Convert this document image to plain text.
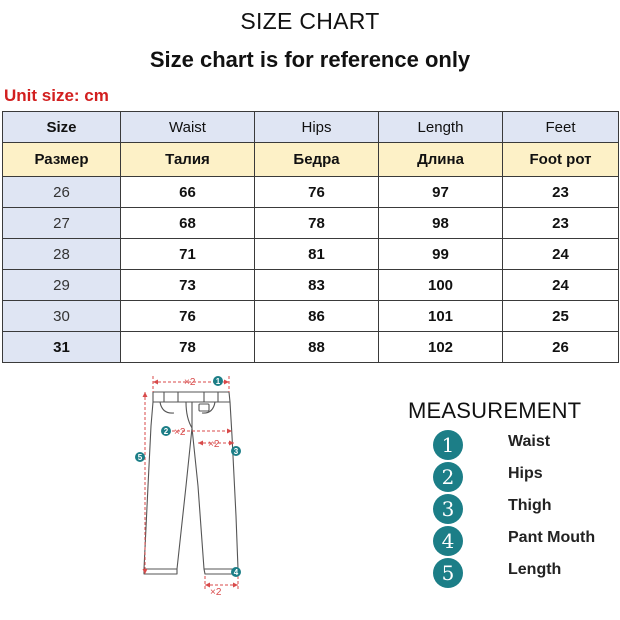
SIZE CHART
Size chart is for reference only
Unit size: cm
Size	Waist	Hips	Length	Feet
Размер	Талия	Бедра	Длина	Foot рот
26	66	76	97	23
27	68	78	98	23
28	71	81	99	24
29	73	83	100	24
30	76	86	101	25
31	78	88	102	26
×2
×2
×2
×2
1
2
3
4
5
MEASUREMENT
1	Waist
2	Hips
3	Thigh
4	Pant Mouth
5	Length
